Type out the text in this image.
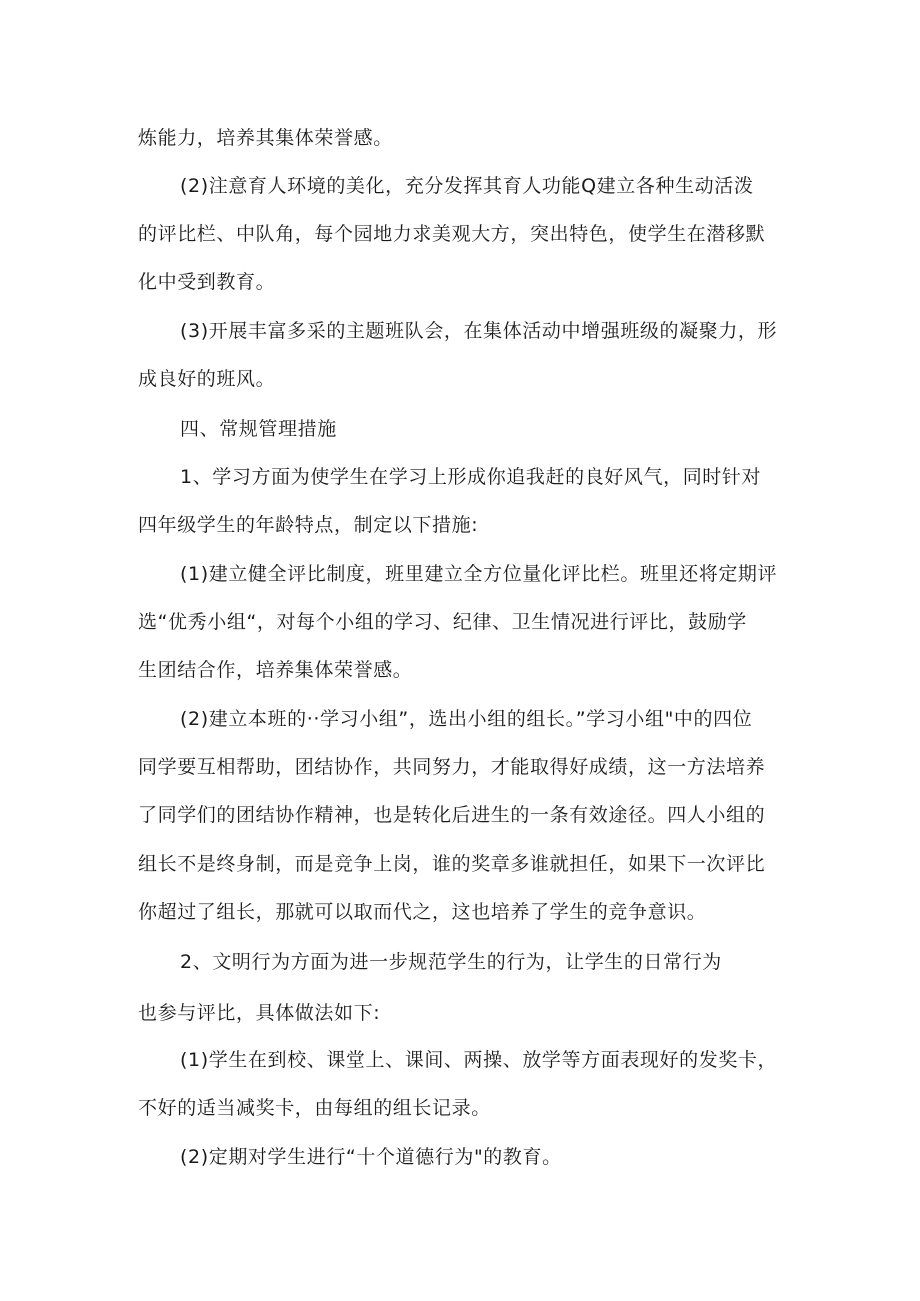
炼能力，培养其集体荣誉感。
(2)注意育人环境的美化，充分发挥其育人功能Q建立各种生动活泼
的评比栏、中队角，每个园地力求美观大方，突出特色，使学生在潜移默
化中受到教育。
(3)开展丰富多采的主题班队会，在集体活动中增强班级的凝聚力，形
成良好的班风。
四、常规管理措施
1、学习方面为使学生在学习上形成你追我赶的良好风气，同时针对
四年级学生的年龄特点，制定以下措施:
(1)建立健全评比制度，班里建立全方位量化评比栏。班里还将定期评
选“优秀小组“，对每个小组的学习、纪律、卫生情况进行评比，鼓励学
生团结合作，培养集体荣誉感。
(2)建立本班的··学习小组”，选出小组的组长。”学习小组"中的四位
同学要互相帮助，团结协作，共同努力，才能取得好成绩，这一方法培养
了同学们的团结协作精神，也是转化后进生的一条有效途径。四人小组的
组长不是终身制，而是竞争上岗，谁的奖章多谁就担任，如果下一次评比
你超过了组长，那就可以取而代之，这也培养了学生的竞争意识。
2、文明行为方面为进一步规范学生的行为，让学生的日常行为
也参与评比，具体做法如下:
(1)学生在到校、课堂上、课间、两操、放学等方面表现好的发奖卡，
不好的适当减奖卡，由每组的组长记录。
(2)定期对学生进行“十个道德行为"的教育。
